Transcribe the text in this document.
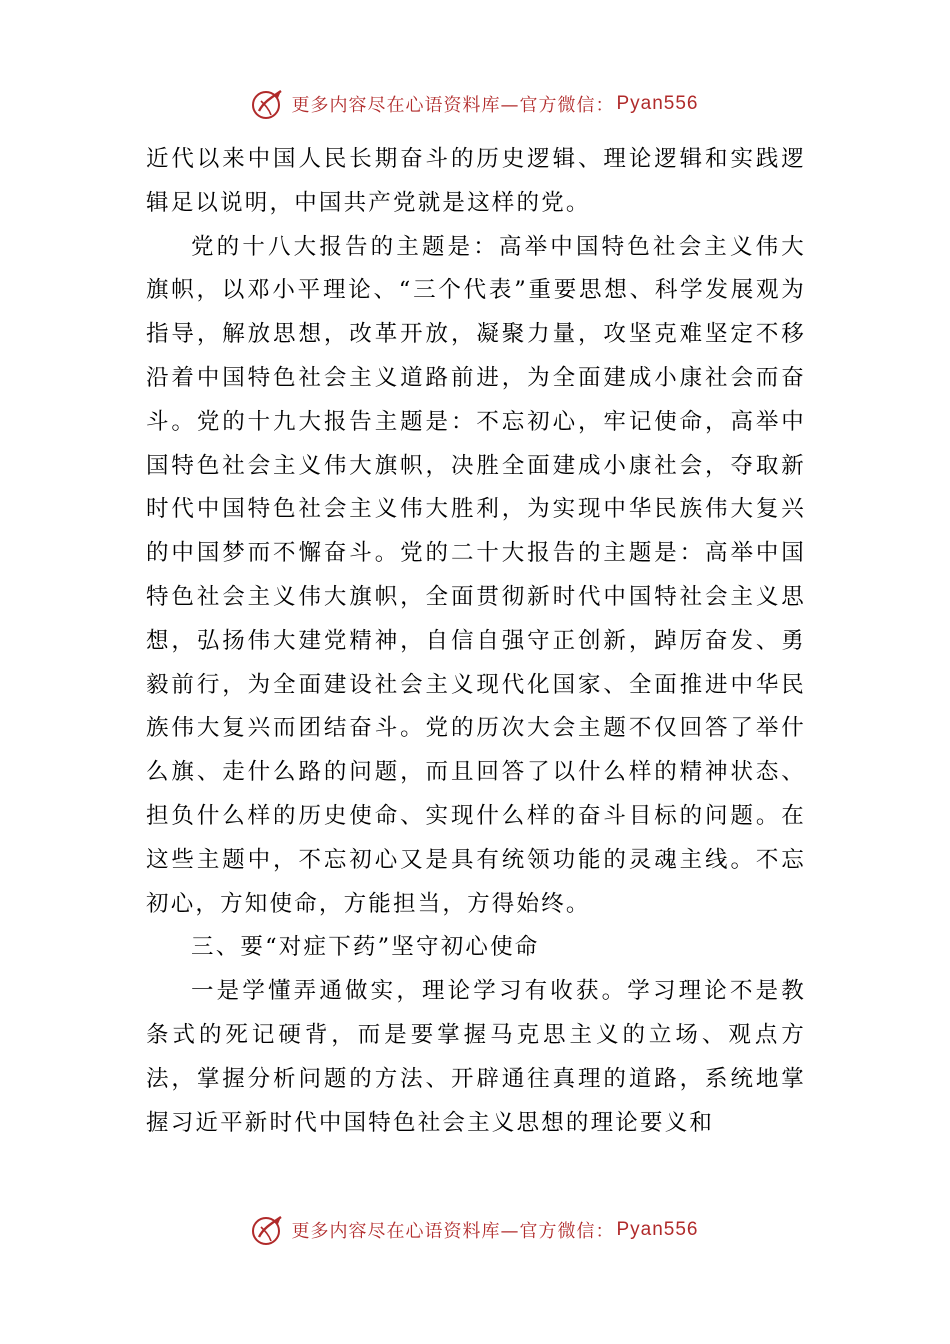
更多内容尽在心语资料库—官方微信： Pyan556

近代以来中国人民长期奋斗的历史逻辑、理论逻辑和实践逻辑足以说明，中国共产党就是这样的党。

党的十八大报告的主题是：高举中国特色社会主义伟大旗帜，以邓小平理论、“三个代表”重要思想、科学发展观为指导，解放思想，改革开放，凝聚力量，攻坚克难坚定不移沿着中国特色社会主义道路前进，为全面建成小康社会而奋斗。党的十九大报告主题是：不忘初心，牢记使命，高举中国特色社会主义伟大旗帜，决胜全面建成小康社会，夺取新时代中国特色社会主义伟大胜利，为实现中华民族伟大复兴的中国梦而不懈奋斗。党的二十大报告的主题是：高举中国特色社会主义伟大旗帜，全面贯彻新时代中国特社会主义思想，弘扬伟大建党精神，自信自强守正创新，踔厉奋发、勇毅前行，为全面建设社会主义现代化国家、全面推进中华民族伟大复兴而团结奋斗。党的历次大会主题不仅回答了举什么旗、走什么路的问题，而且回答了以什么样的精神状态、担负什么样的历史使命、实现什么样的奋斗目标的问题。在这些主题中，不忘初心又是具有统领功能的灵魂主线。不忘初心，方知使命，方能担当，方得始终。

三、要“对症下药”坚守初心使命

一是学懂弄通做实，理论学习有收获。学习理论不是教条式的死记硬背，而是要掌握马克思主义的立场、观点方法，掌握分析问题的方法、开辟通往真理的道路，系统地掌握习近平新时代中国特色社会主义思想的理论要义和

更多内容尽在心语资料库—官方微信： Pyan556
